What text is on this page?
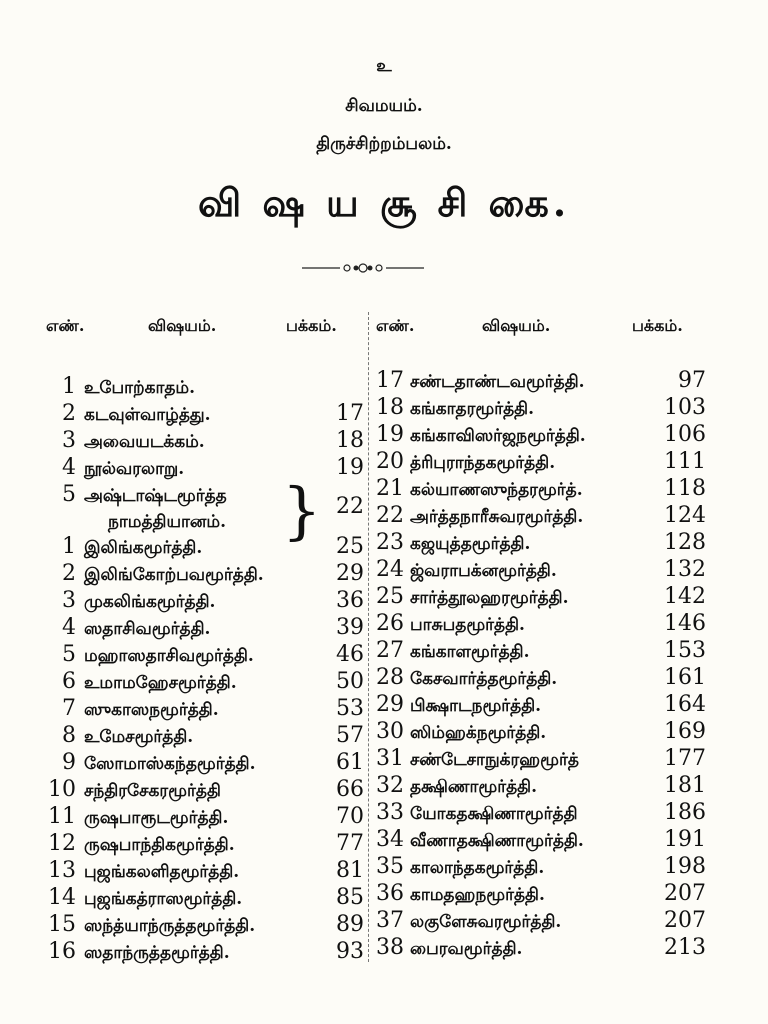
உ
சிவமயம்.
திருச்சிற்றம்பலம்.
வி ஷ ய சூ சி கை.
எண்.	விஷயம்.	பக்கம். எண்.	விஷயம்.	பக்கம்.
1 உபோற்காதம்.
2 கடவுள்வாழ்த்து.	17
3 அவையடக்கம்.	18
4 நூல்வரலாறு.	19
5 அஷ்டாஷ்டமூர்த்த
நாமத்தியானம்.
22
1 இலிங்கமூர்த்தி.	25
2 இலிங்கோற்பவமூர்த்தி.	29
3 முகலிங்கமூர்த்தி.	36
4 ஸதாசிவமூர்த்தி.	39
5 மஹாஸதாசிவமூர்த்தி.	46
6 உமாமஹேசமூர்த்தி.	50
7 ஸுகாஸநமூர்த்தி.	53
8 உமேசமூர்த்தி.	57
9 ஸோமாஸ்கந்தமூர்த்தி.	61
10 சந்திரசேகரமூர்த்தி	66
11 ருஷபாரூடமூர்த்தி.	70
12 ருஷபாந்திகமூர்த்தி.	77
13 புஜங்கலளிதமூர்த்தி.	81
14 புஜங்கத்ராஸமூர்த்தி.	85
15 ஸந்த்யாந்ருத்தமூர்த்தி.	89
16 ஸதாந்ருத்தமூர்த்தி.	93
17 சண்டதாண்டவமூர்த்தி.	97
18 கங்காதரமூர்த்தி.	103
19 கங்காவிஸர்ஜநமூர்த்தி.	106
20 த்ரிபுராந்தகமூர்த்தி.	111
21 கல்யாணஸுந்தரமூர்த்.	118
22 அர்த்தநாரீசுவரமூர்த்தி.	124
23 கஜயுத்தமூர்த்தி.	128
24 ஜ்வராபக்னமூர்த்தி.	132
25 சார்த்தூலஹரமூர்த்தி.	142
26 பாசுபதமூர்த்தி.	146
27 கங்காளமூர்த்தி.	153
28 கேசவார்த்தமூர்த்தி.	161
29 பிக்ஷாடநமூர்த்தி.	164
30 ஸிம்ஹக்நமூர்த்தி.	169
31 சண்டேசாநுக்ரஹமூர்த்	177
32 தக்ஷிணாமூர்த்தி.	181
33 யோகதக்ஷிணாமூர்த்தி	186
34 வீணாதக்ஷிணாமூர்த்தி.	191
35 காலாந்தகமூர்த்தி.	198
36 காமதஹநமூர்த்தி.	207
37 லகுளேசுவரமூர்த்தி.	207
38 பைரவமூர்த்தி.	213
}
